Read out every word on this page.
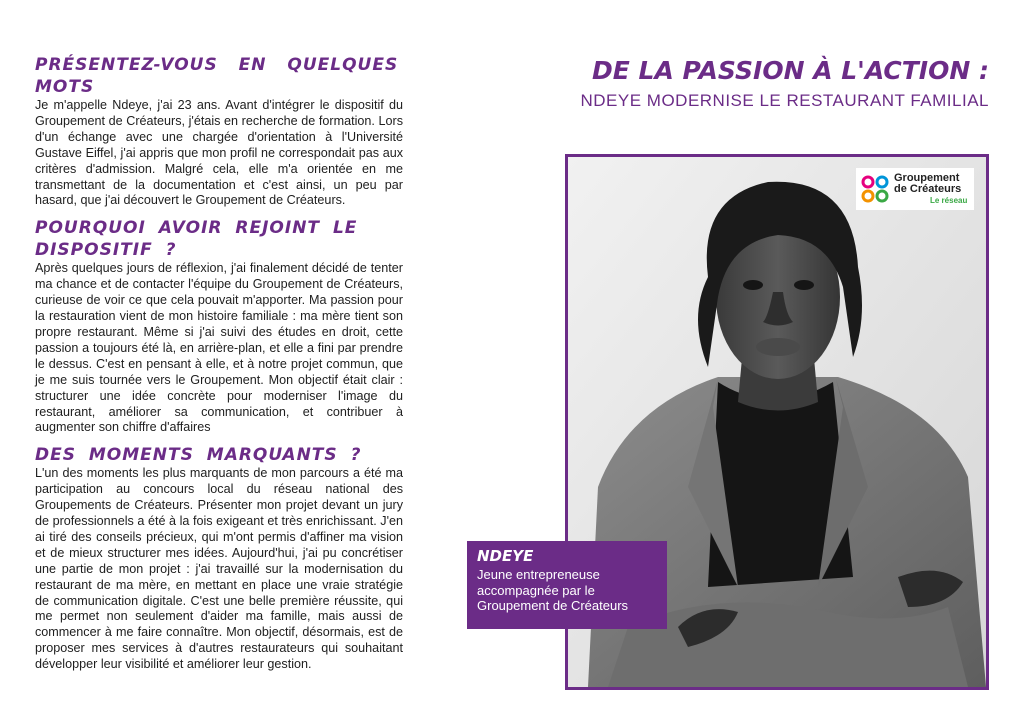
PRÉSENTEZ-VOUS EN QUELQUES MOTS

Je m'appelle Ndeye, j'ai 23 ans. Avant d'intégrer le dispositif du Groupement de Créateurs, j'étais en recherche de formation. Lors d'un échange avec une chargée d'orientation à l'Université Gustave Eiffel, j'ai appris que mon profil ne correspondait pas aux critères d'admission. Malgré cela, elle m'a orientée en me transmettant de la documentation et c'est ainsi, un peu par hasard, que j'ai découvert le Groupement de Créateurs.

POURQUOI AVOIR REJOINT LE DISPOSITIF ?

Après quelques jours de réflexion, j'ai finalement décidé de tenter ma chance et de contacter l'équipe du Groupement de Créateurs, curieuse de voir ce que cela pouvait m'apporter. Ma passion pour la restauration vient de mon histoire familiale : ma mère tient son propre restaurant. Même si j'ai suivi des études en droit, cette passion a toujours été là, en arrière-plan, et elle a fini par prendre le dessus. C'est en pensant à elle, et à notre projet commun, que je me suis tournée vers le Groupement. Mon objectif était clair : structurer une idée concrète pour moderniser l'image du restaurant, améliorer sa communication, et contribuer à augmenter son chiffre d'affaires

DES MOMENTS MARQUANTS ?

L'un des moments les plus marquants de mon parcours a été ma participation au concours local du réseau national des Groupements de Créateurs. Présenter mon projet devant un jury de professionnels a été à la fois exigeant et très enrichissant. J'en ai tiré des conseils précieux, qui m'ont permis d'affiner ma vision et de mieux structurer mes idées. Aujourd'hui, j'ai pu concrétiser une partie de mon projet : j'ai travaillé sur la modernisation du restaurant de ma mère, en mettant en place une vraie stratégie de communication digitale. C'est une belle première réussite, qui me permet non seulement d'aider ma famille, mais aussi de commencer à me faire connaître. Mon objectif, désormais, est de proposer mes services à d'autres restaurateurs qui souhaitant développer leur visibilité et améliorer leur gestion.

DE LA PASSION À L'ACTION :

NDEYE MODERNISE LE RESTAURANT FAMILIAL

Groupement
de Créateurs
Le réseau

NDEYE

Jeune entrepreneuse accompagnée par le Groupement de Créateurs
